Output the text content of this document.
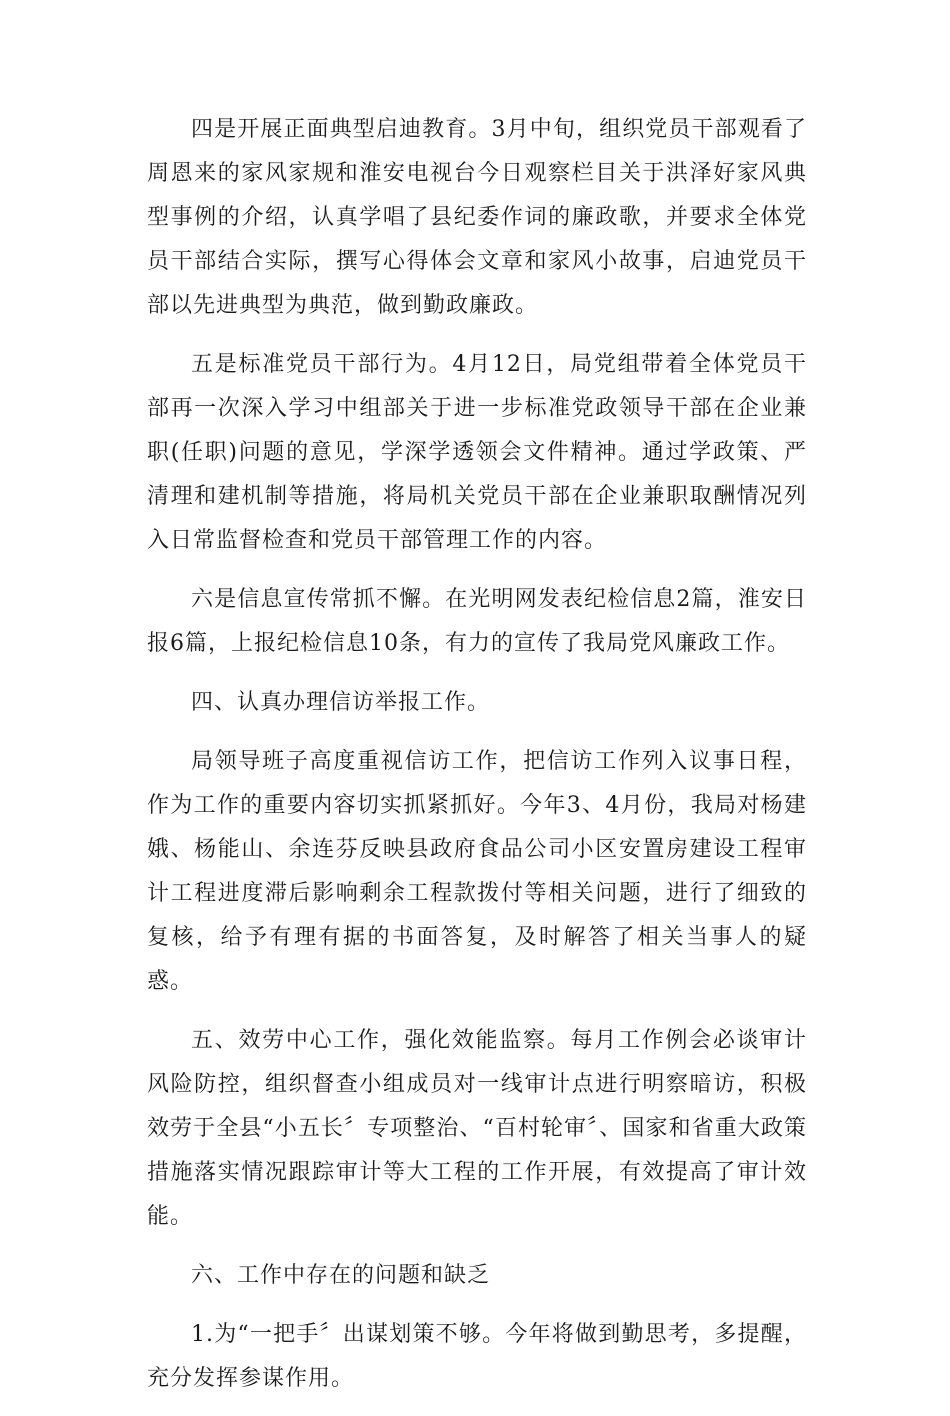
四是开展正面典型启迪教育。3月中旬，组织党员干部观看了周恩来的家风家规和淮安电视台今日观察栏目关于洪泽好家风典型事例的介绍，认真学唱了县纪委作词的廉政歌，并要求全体党员干部结合实际，撰写心得体会文章和家风小故事，启迪党员干部以先进典型为典范，做到勤政廉政。

五是标准党员干部行为。4月12日，局党组带着全体党员干部再一次深入学习中组部关于进一步标准党政领导干部在企业兼职(任职)问题的意见，学深学透领会文件精神。通过学政策、严清理和建机制等措施，将局机关党员干部在企业兼职取酬情况列入日常监督检查和党员干部管理工作的内容。

六是信息宣传常抓不懈。在光明网发表纪检信息2篇，淮安日报6篇，上报纪检信息10条，有力的宣传了我局党风廉政工作。

四、认真办理信访举报工作。

局领导班子高度重视信访工作，把信访工作列入议事日程，作为工作的重要内容切实抓紧抓好。今年3、4月份，我局对杨建娥、杨能山、余连芬反映县政府食品公司小区安置房建设工程审计工程进度滞后影响剩余工程款拨付等相关问题，进行了细致的复核，给予有理有据的书面答复，及时解答了相关当事人的疑惑。

五、效劳中心工作，强化效能监察。每月工作例会必谈审计风险防控，组织督查小组成员对一线审计点进行明察暗访，积极效劳于全县“小五长〞专项整治、“百村轮审〞、国家和省重大政策措施落实情况跟踪审计等大工程的工作开展，有效提高了审计效能。

六、工作中存在的问题和缺乏

1.为“一把手〞出谋划策不够。今年将做到勤思考，多提醒，充分发挥参谋作用。
